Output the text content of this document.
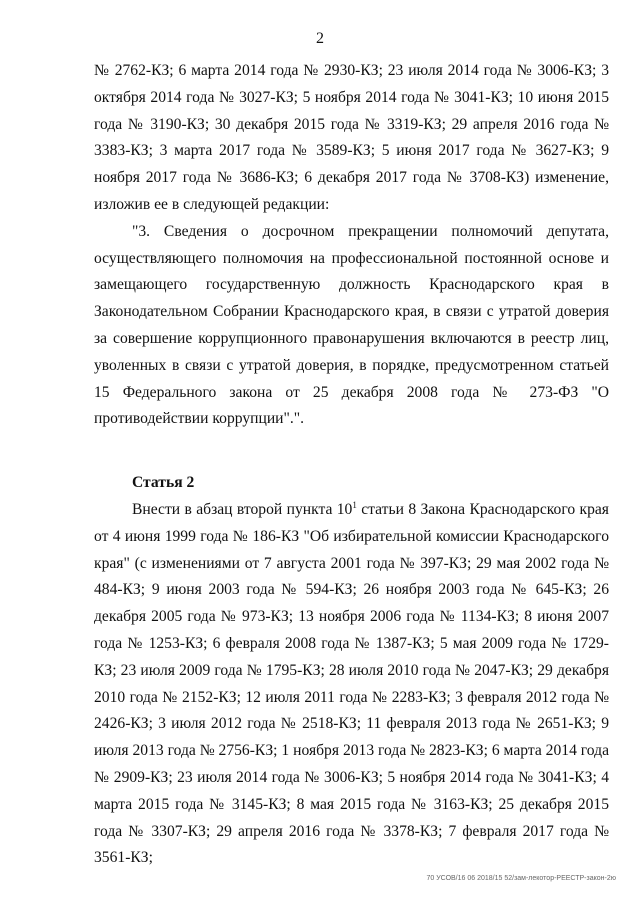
2

№ 2762-КЗ; 6 марта 2014 года № 2930-КЗ; 23 июля 2014 года № 3006-КЗ; 3 октября 2014 года № 3027-КЗ; 5 ноября 2014 года № 3041-КЗ; 10 июня 2015 года № 3190-КЗ; 30 декабря 2015 года № 3319-КЗ; 29 апреля 2016 года № 3383-КЗ; 3 марта 2017 года № 3589-КЗ; 5 июня 2017 года № 3627-КЗ; 9 ноября 2017 года № 3686-КЗ; 6 декабря 2017 года № 3708-КЗ) изменение, изложив ее в следующей редакции:

"3. Сведения о досрочном прекращении полномочий депутата, осуществляющего полномочия на профессиональной постоянной основе и замещающего государственную должность Краснодарского края в Законодательном Собрании Краснодарского края, в связи с утратой доверия за совершение коррупционного правонарушения включаются в реестр лиц, уволенных в связи с утратой доверия, в порядке, предусмотренном статьей 15 Федерального закона от 25 декабря 2008 года № 273-ФЗ "О противодействии коррупции".".

Статья 2

Внести в абзац второй пункта $10^1$ статьи 8 Закона Краснодарского края от 4 июня 1999 года № 186-КЗ "Об избирательной комиссии Краснодарского края" (с изменениями от 7 августа 2001 года № 397-КЗ; 29 мая 2002 года № 484-КЗ; 9 июня 2003 года № 594-КЗ; 26 ноября 2003 года № 645-КЗ; 26 декабря 2005 года № 973-КЗ; 13 ноября 2006 года № 1134-КЗ; 8 июня 2007 года № 1253-КЗ; 6 февраля 2008 года № 1387-КЗ; 5 мая 2009 года № 1729-КЗ; 23 июля 2009 года № 1795-КЗ; 28 июля 2010 года № 2047-КЗ; 29 декабря 2010 года № 2152-КЗ; 12 июля 2011 года № 2283-КЗ; 3 февраля 2012 года № 2426-КЗ; 3 июля 2012 года № 2518-КЗ; 11 февраля 2013 года № 2651-КЗ; 9 июля 2013 года № 2756-КЗ; 1 ноября 2013 года № 2823-КЗ; 6 марта 2014 года № 2909-КЗ; 23 июля 2014 года № 3006-КЗ; 5 ноября 2014 года № 3041-КЗ; 4 марта 2015 года № 3145-КЗ; 8 мая 2015 года № 3163-КЗ; 25 декабря 2015 года № 3307-КЗ; 29 апреля 2016 года № 3378-КЗ; 7 февраля 2017 года № 3561-КЗ;

70 УСОВ/16 06 2018/15 52/зам-лекотор-РЕЕСТР-закон-2ю
